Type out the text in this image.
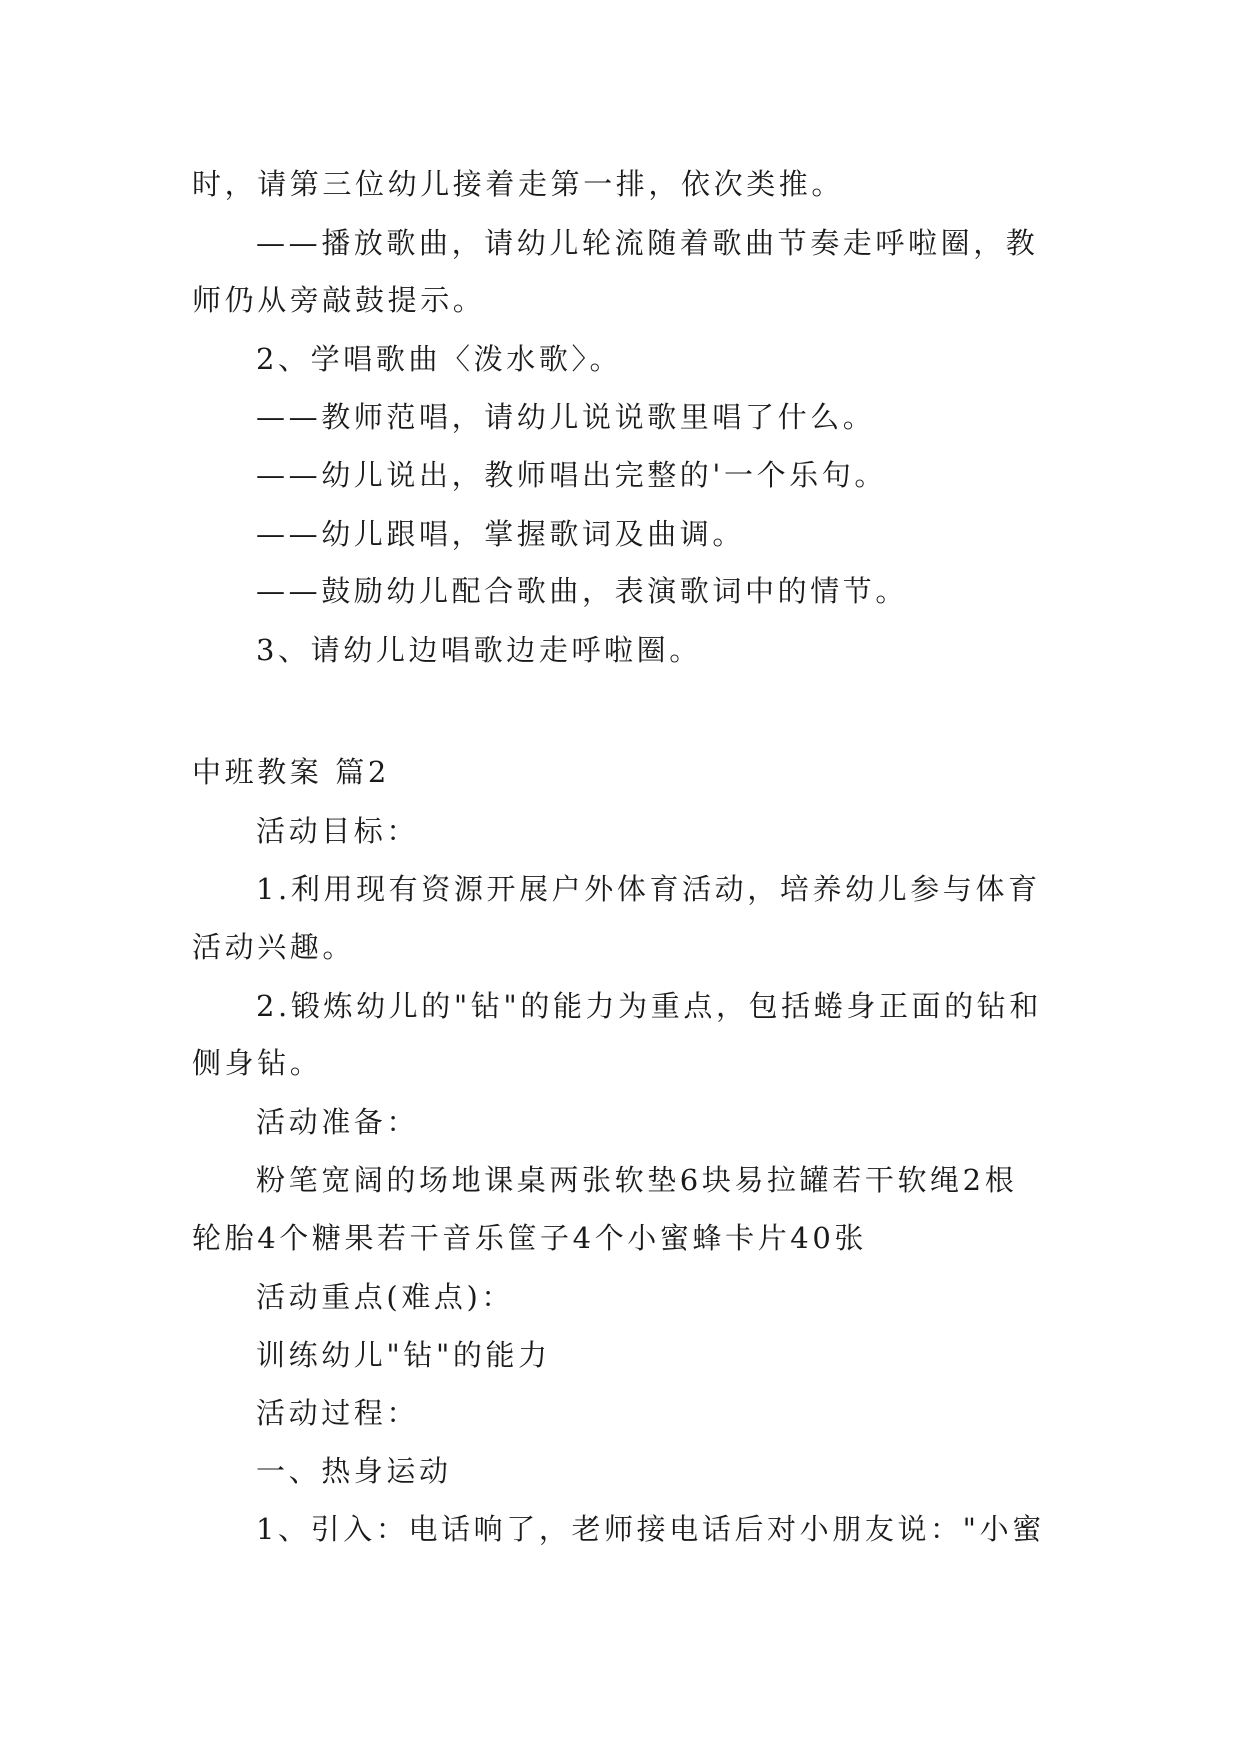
时，请第三位幼儿接着走第一排，依次类推。
——播放歌曲，请幼儿轮流随着歌曲节奏走呼啦圈，教
师仍从旁敲鼓提示。
2、学唱歌曲〈泼水歌〉。
——教师范唱，请幼儿说说歌里唱了什么。
——幼儿说出，教师唱出完整的'一个乐句。
——幼儿跟唱，掌握歌词及曲调。
——鼓励幼儿配合歌曲，表演歌词中的情节。
3、请幼儿边唱歌边走呼啦圈。
中班教案 篇2
活动目标：
1.利用现有资源开展户外体育活动，培养幼儿参与体育
活动兴趣。
2.锻炼幼儿的"钻"的能力为重点，包括蜷身正面的钻和
侧身钻。
活动准备：
粉笔宽阔的场地课桌两张软垫6块易拉罐若干软绳2根
轮胎4个糖果若干音乐筐子4个小蜜蜂卡片40张
活动重点(难点)：
训练幼儿"钻"的能力
活动过程：
一、热身运动
1、引入：电话响了，老师接电话后对小朋友说："小蜜
